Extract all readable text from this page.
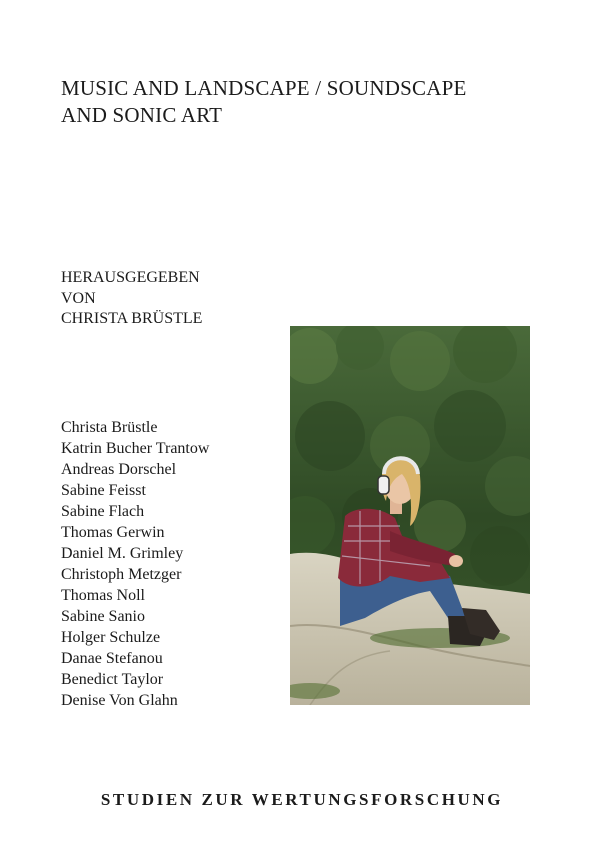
MUSIC AND LANDSCAPE / SOUNDSCAPE
AND SONIC ART
HERAUSGEGEBEN
VON
CHRISTA BRÜSTLE
Christa Brüstle
Katrin Bucher Trantow
Andreas Dorschel
Sabine Feisst
Sabine Flach
Thomas Gerwin
Daniel M. Grimley
Christoph Metzger
Thomas Noll
Sabine Sanio
Holger Schulze
Danae Stefanou
Benedict Taylor
Denise Von Glahn
STUDIEN ZUR WERTUNGSFORSCHUNG
